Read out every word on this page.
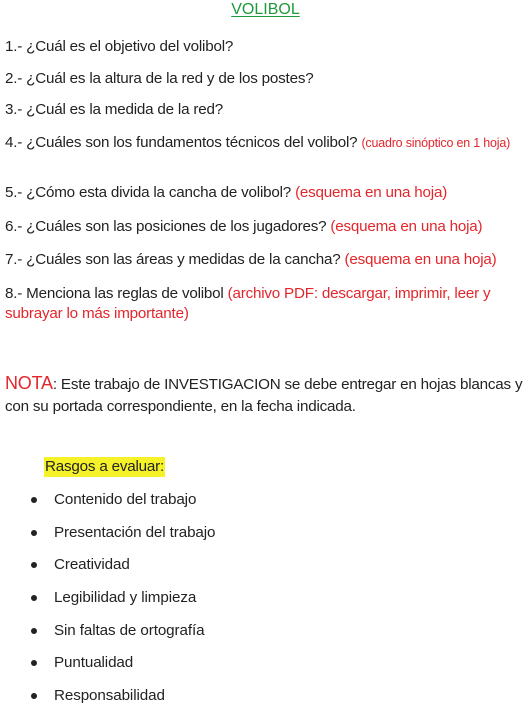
VOLIBOL
1.- ¿Cuál es el objetivo del volibol?
2.- ¿Cuál es la altura de la red y de los postes?
3.- ¿Cuál es la medida de la red?
4.- ¿Cuáles son los fundamentos técnicos del volibol? (cuadro sinóptico en 1 hoja)
5.- ¿Cómo esta divida la cancha de volibol? (esquema en una hoja)
6.- ¿Cuáles son las posiciones de los jugadores? (esquema en una hoja)
7.- ¿Cuáles son las áreas y medidas de la cancha? (esquema en una hoja)
8.- Menciona las reglas de volibol (archivo PDF: descargar, imprimir, leer y subrayar lo más importante)
NOTA: Este trabajo de INVESTIGACION se debe entregar en hojas blancas y con su portada correspondiente, en la fecha indicada.
Rasgos a evaluar:
Contenido del trabajo
Presentación del trabajo
Creatividad
Legibilidad y limpieza
Sin faltas de ortografía
Puntualidad
Responsabilidad
